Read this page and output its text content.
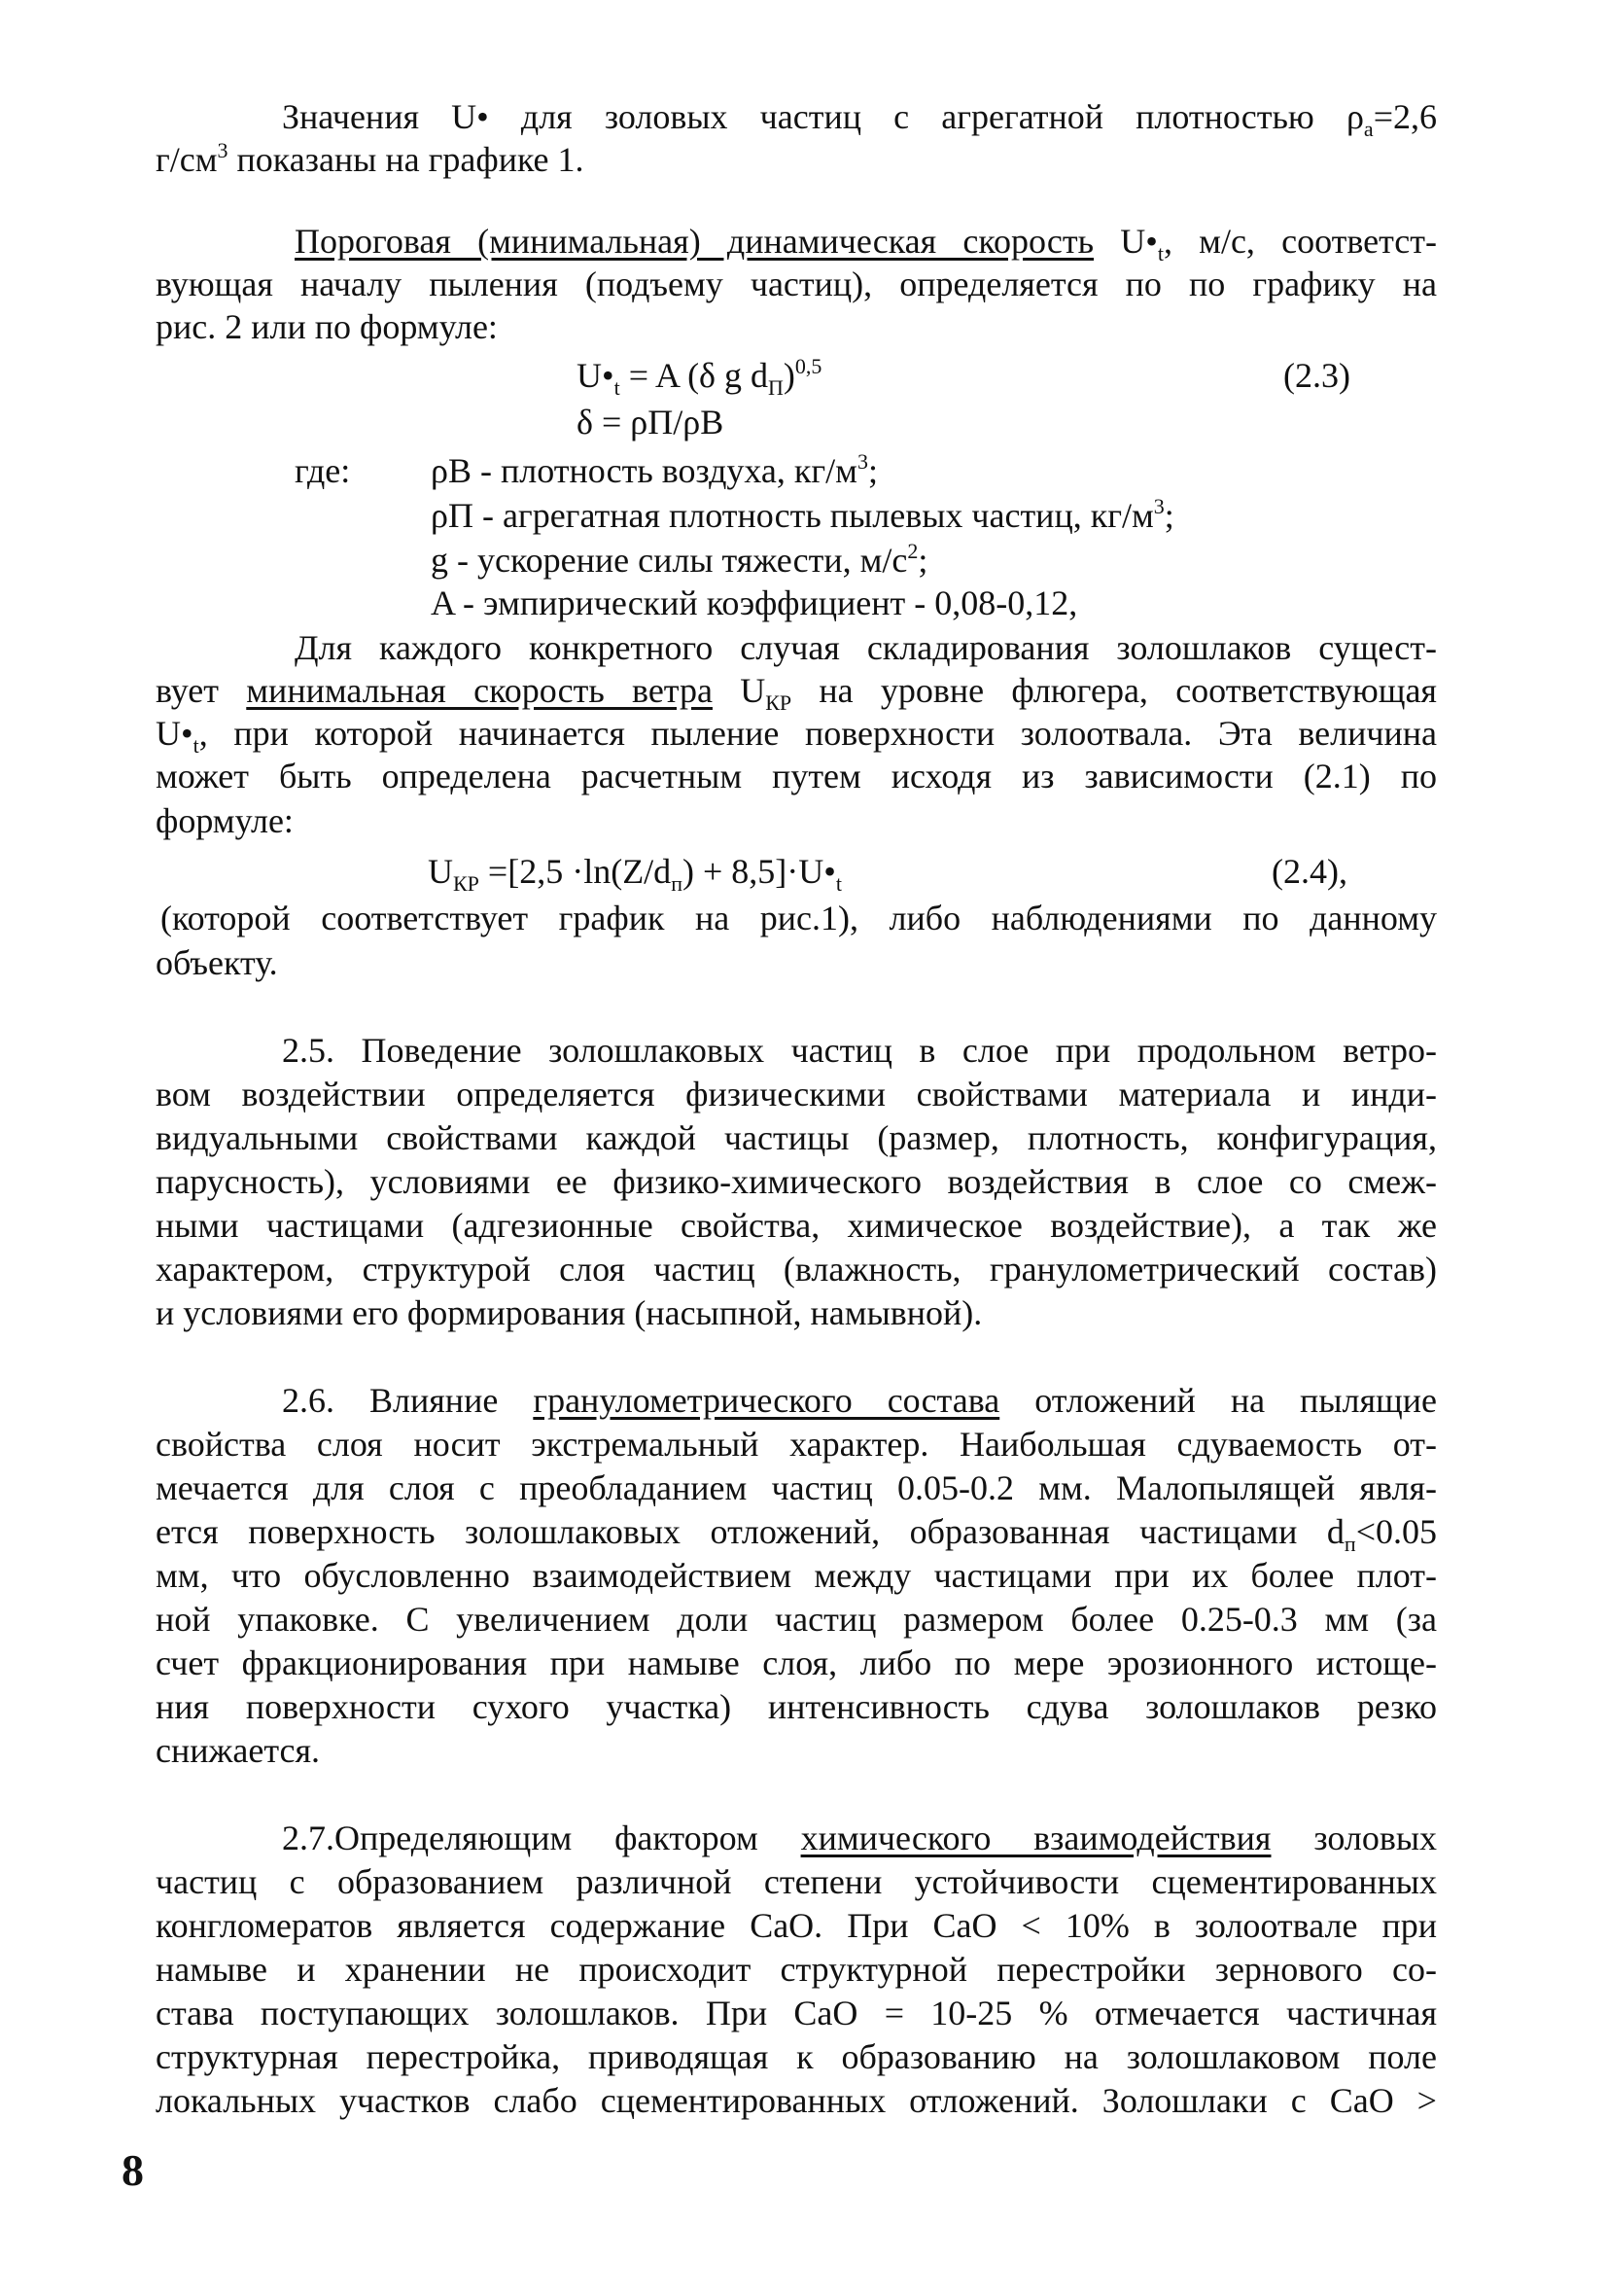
Значения U• для золовых частиц с агрегатной плотностью $\rho_а=2,6$
$г/см^3$ показаны на графике 1.
Пороговая (минимальная) динамическая скорость $U•_t$, м/с, соответст-
вующая началу пыления (подъему частиц), определяется по по графику на
рис. 2 или по формуле:
$U•_t = A$ (δ g $d_П)^{0,5}$	(2.3)
δ = ρП/ρВ
где: ρВ - плотность воздуха, $кг/м^3$;
ρП - агрегатная плотность пылевых частиц, $кг/м^3$;
g - ускорение силы тяжести, $м/с^2$;
A - эмпирический коэффициент - 0,08-0,12,
Для каждого конкретного случая складирования золошлаков сущест-
вует минимальная скорость ветра $U_{КР}$ на уровне флюгера, соответствующая
$U•_t$, при которой начинается пыление поверхности золоотвала. Эта величина
может быть определена расчетным путем исходя из зависимости (2.1) по
формуле:
$U_{КР} =[2,5 \cdot\ln(Z/d_п)$ + $8,5]\cdot U•_t$	(2.4),
(которой соответствует график на рис.1), либо наблюдениями по данному
объекту.
2.5. Поведение золошлаковых частиц в слое при продольном ветро-
вом воздействии определяется физическими свойствами материала и инди-
видуальными свойствами каждой частицы (размер, плотность, конфигурация,
парусность), условиями ее физико-химического воздействия в слое со смеж-
ными частицами (адгезионные свойства, химическое воздействие), а так же
характером, структурой слоя частиц (влажность, гранулометрический состав)
и условиями его формирования (насыпной, намывной).
2.6. Влияние гранулометрического состава отложений на пылящие
свойства слоя носит экстремальный характер. Наибольшая сдуваемость от-
мечается для слоя с преобладанием частиц 0.05-0.2 мм. Малопылящей явля-
ется поверхность золошлаковых отложений, образованная частицами $d_п<0.05$
мм, что обусловленно взаимодействием между частицами при их более плот-
ной упаковке. С увеличением доли частиц размером более 0.25-0.3 мм (за
счет фракционирования при намыве слоя, либо по мере эрозионного истоще-
ния поверхности сухого участка) интенсивность сдува золошлаков резко
снижается.
2.7.Определяющим фактором химического взаимодействия золовых
частиц с образованием различной степени устойчивости сцементированных
конгломератов является содержание CaO. При CaO < 10% в золоотвале при
намыве и хранении не происходит структурной перестройки зернового со-
става поступающих золошлаков. При CaO = 10-25 % отмечается частичная
структурная перестройка, приводящая к образованию на золошлаковом поле
локальных участков слабо сцементированных отложений. Золошлаки с CaO >
8
